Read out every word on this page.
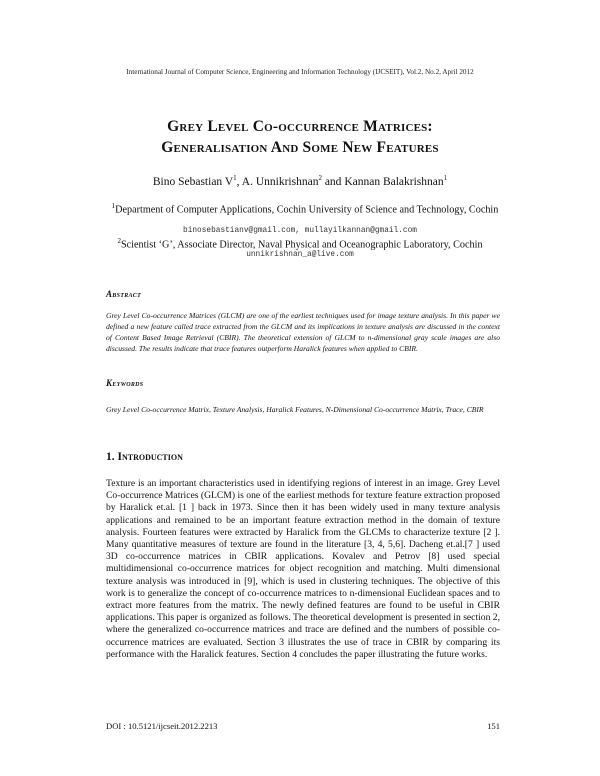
International Journal of Computer Science, Engineering and Information Technology (IJCSEIT), Vol.2, No.2, April 2012
Grey Level Co-occurrence Matrices:
Generalisation And Some New Features
Bino Sebastian $V^1$, A. Unnikrishnan$^2$ and Kannan Balakrishnan$^1$
$^1$Department of Computer Applications, Cochin University of Science and Technology, Cochin
binosebastianv@gmail.com, mullayilkannan@gmail.com
$^2$Scientist ‘G’, Associate Director, Naval Physical and Oceanographic Laboratory, Cochin
unnikrishnan_a@live.com
Abstract
Grey Level Co-occurrence Matrices (GLCM) are one of the earliest techniques used for image texture analysis. In this paper we defined a new feature called trace extracted from the GLCM and its implications in texture analysis are discussed in the context of Content Based Image Retrieval (CBIR). The theoretical extension of GLCM to n-dimensional gray scale images are also discussed. The results indicate that trace features outperform Haralick features when applied to CBIR.
Keywords
Grey Level Co-occurrence Matrix, Texture Analysis, Haralick Features, N-Dimensional Co-occurrence Matrix, Trace, CBIR
1. Introduction
Texture is an important characteristics used in identifying regions of interest in an image. Grey Level Co-occurrence Matrices (GLCM) is one of the earliest methods for texture feature extraction proposed by Haralick et.al. [1 ] back in 1973. Since then it has been widely used in many texture analysis applications and remained to be an important feature extraction method in the domain of texture analysis. Fourteen features were extracted by Haralick from the GLCMs to characterize texture [2 ]. Many quantitative measures of texture are found in the literature [3, 4, 5,6]. Dacheng et.al.[7 ] used 3D co-occurrence matrices in CBIR applications. Kovalev and Petrov [8] used special multidimensional co-occurrence matrices for object recognition and matching. Multi dimensional texture analysis was introduced in [9], which is used in clustering techniques. The objective of this work is to generalize the concept of co-occurrence matrices to n-dimensional Euclidean spaces and to extract more features from the matrix. The newly defined features are found to be useful in CBIR applications. This paper is organized as follows. The theoretical development is presented in section 2, where the generalized co-occurrence matrices and trace are defined and the numbers of possible co-occurrence matrices are evaluated. Section 3 illustrates the use of trace in CBIR by comparing its performance with the Haralick features. Section 4 concludes the paper illustrating the future works.
DOI : 10.5121/ijcseit.2012.2213	151
